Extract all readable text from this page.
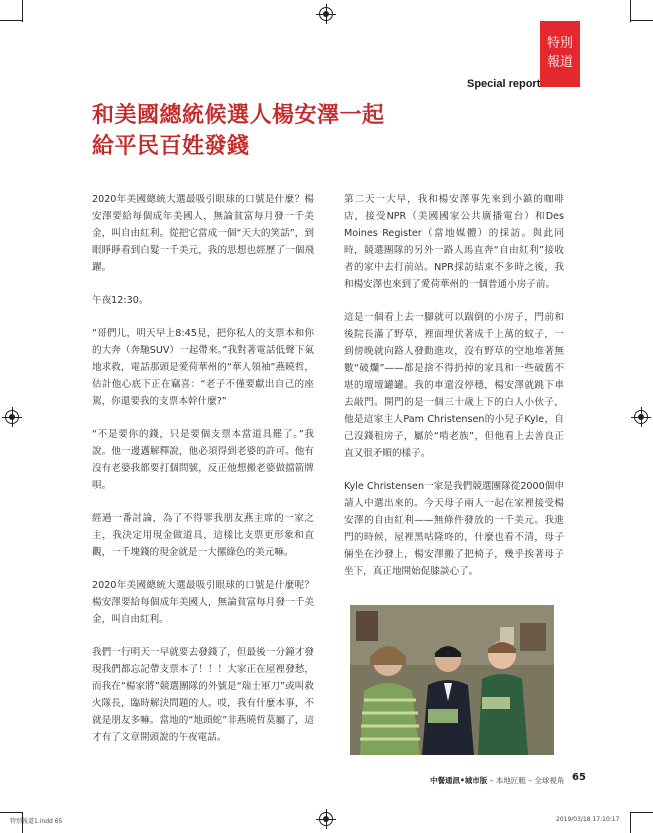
特別
報道
Special report
和美國總統候選人楊安澤一起
給平民百姓發錢

2020年美國總統大選最吸引眼球的口號是什麼？楊安澤要給每個成年美國人，無論貧富每月發一千美金，叫自由紅利。從把它當成一個“天大的笑話”，到眼睜睜看到白髮一千美元，我的思想也經歷了一個飛躍。

午夜12:30。

“哥們儿，明天早上8:45見，把你私人的支票本和你的大奔（奔馳SUV）一起帶來。”我對著電話低聲下氣地求救，電話那頭是愛荷華州的“華人領袖”燕曉哲，估計他心底下正在竊喜：“老子不僅要獻出自己的座駕，你還要我的支票本幹什麼?”

“不是要你的錢，只是要個支票本當道具罷了。”我說。他一邊邁解釋說，他必須得到老婆的許可。他有沒有老婆我都要打個問號，反正他想搬老婆做擋箭牌唄。

經過一番討論，為了不得罪我朋友燕主席的一家之主，我決定用現金做道具，這樣比支票更形象和直觀，一千塊錢的現金就是一大摞綠色的美元嘛。

2020年美國總統大選最吸引眼球的口號是什麼呢？楊安澤要給每個成年美國人，無論貧富每月發一千美金，叫自由紅利。

我們一行明天一早就要去發錢了，但最後一分鐘才發現我們都忘記帶支票本了！！！大家正在屋裡發愁，而我在“楊家將”競選團隊的外號是“瑞士軍刀”或叫救火隊長，臨時解決問題的人。哎，我有什麼本事，不就是朋友多嘛。當地的“地頭蛇”非燕曉哲莫屬了，這才有了文章開頭說的午夜電話。

第二天一大早，我和楊安澤事先來到小鎮的咖啡店，接受NPR（美國國家公共廣播電台）和Des Moines Register（當地媒體）的採訪。與此同時，競選團隊的另外一路人馬直奔“自由紅利”接收者的家中去打前站。NPR採訪結束不多時之後，我和楊安澤也來到了愛荷華州的一個普通小房子前。

這是一個看上去一腳就可以踹倒的小房子，門前和後院長滿了野草，裡面埋伏著成千上萬的蚊子，一到傍晚就向路人發動進攻，沒有野草的空地堆著無數“破爛”——都是捨不得扔掉的家具和一些破舊不堪的壇壇罐罐。我的車還沒停穩，楊安澤就跳下車去敲門。開門的是一個三十歲上下的白人小伙子，他是這家主人Pam Christensen的小兒子Kyle，自己沒錢租房子，屬於“啃老族”，但他看上去善良正直又很矛順的樣子。

Kyle Christensen一家是我們競選團隊從2000個申請人中選出來的。今天母子兩人一起在家裡接受楊安澤的自由紅利——無條件發放的一千美元。我進門的時候，屋裡黑咕隆咚的，什麼也看不清，母子倆坐在沙發上，楊安澤搬了把椅子，幾乎挨著母子坐下，真正地開始促膝談心了。

中餐通訊•城市版 – 本地匠艇 – 全球視角 65
特別報道1.indd 65	2019/03/18 17:10:17
